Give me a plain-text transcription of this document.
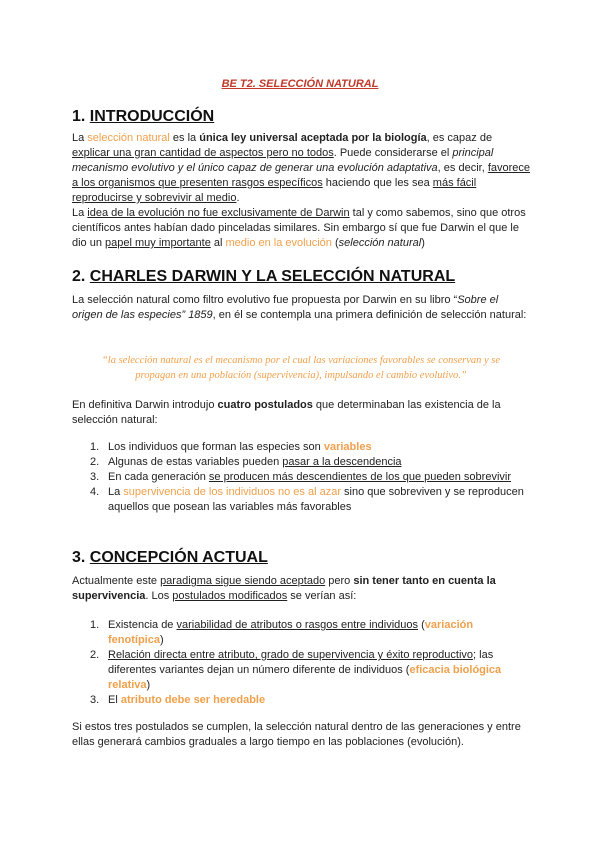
BE T2. SELECCIÓN NATURAL
1. INTRODUCCIÓN

La selección natural es la única ley universal aceptada por la biología, es capaz de explicar una gran cantidad de aspectos pero no todos. Puede considerarse el principal mecanismo evolutivo y el único capaz de generar una evolución adaptativa, es decir, favorece a los organismos que presenten rasgos específicos haciendo que les sea más fácil reproducirse y sobrevivir al medio.

La idea de la evolución no fue exclusivamente de Darwin tal y como sabemos, sino que otros científicos antes habían dado pinceladas similares. Sin embargo sí que fue Darwin el que le dio un papel muy importante al medio en la evolución (selección natural)

2. CHARLES DARWIN Y LA SELECCIÓN NATURAL

La selección natural como filtro evolutivo fue propuesta por Darwin en su libro “Sobre el origen de las especies” 1859, en él se contempla una primera definición de selección natural:

“la selección natural es el mecanismo por el cual las variaciones favorables se conservan y se propagan en una población (supervivencia), impulsando el cambio evolutivo.”

En definitiva Darwin introdujo cuatro postulados que determinaban las existencia de la selección natural:

1. Los individuos que forman las especies son variables
2. Algunas de estas variables pueden pasar a la descendencia
3. En cada generación se producen más descendientes de los que pueden sobrevivir
4. La supervivencia de los individuos no es al azar sino que sobreviven y se reproducen aquellos que posean las variables más favorables
3. CONCEPCIÓN ACTUAL

Actualmente este paradigma sigue siendo aceptado pero sin tener tanto en cuenta la supervivencia. Los postulados modificados se verían así:

1. Existencia de variabilidad de atributos o rasgos entre individuos (variación fenotípica)
2. Relación directa entre atributo, grado de supervivencia y éxito reproductivo; las diferentes variantes dejan un número diferente de individuos (eficacia biológica relativa)
3. El atributo debe ser heredable

Si estos tres postulados se cumplen, la selección natural dentro de las generaciones y entre ellas generará cambios graduales a largo tiempo en las poblaciones (evolución).
